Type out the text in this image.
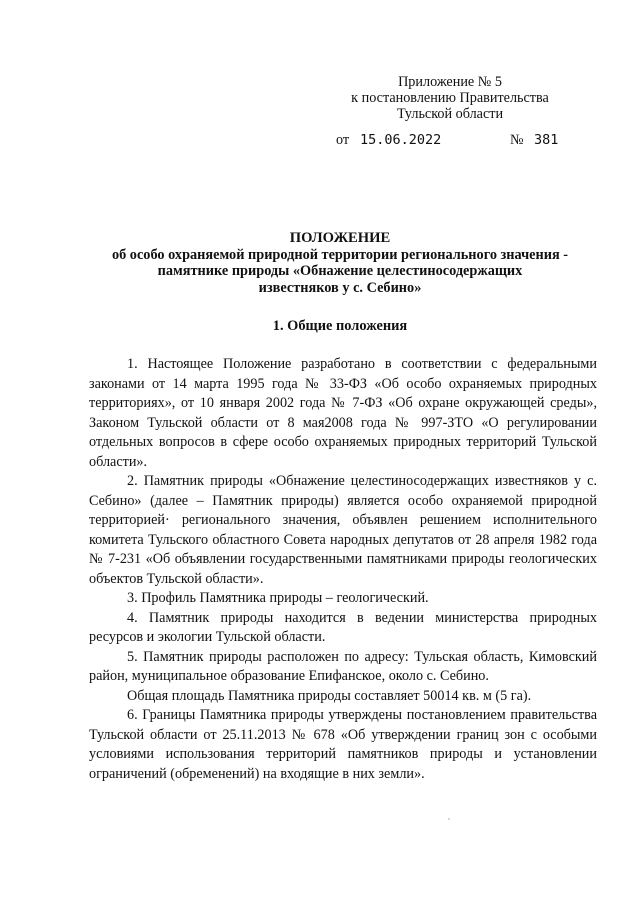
Приложение № 5
к постановлению Правительства
Тульской области
от 15.06.2022	№ 381
ПОЛОЖЕНИЕ
об особо охраняемой природной территории регионального значения -
памятнике природы «Обнажение целестиносодержащих
известняков у с. Себино»
1. Общие положения

1. Настоящее Положение разработано в соответствии с федеральными законами от 14 марта 1995 года № 33-ФЗ «Об особо охраняемых природных территориях», от 10 января 2002 года № 7-ФЗ «Об охране окружающей среды», Законом Тульской области от 8 мая2008 года № 997-ЗТО «О регулировании отдельных вопросов в сфере особо охраняемых природных территорий Тульской области».

2. Памятник природы «Обнажение целестиносодержащих известняков у с. Себино» (далее – Памятник природы) является особо охраняемой природной территорией· регионального значения, объявлен решением исполнительного комитета Тульского областного Совета народных депутатов от 28 апреля 1982 года № 7-231 «Об объявлении государственными памятниками природы геологических объектов Тульской области».

3. Профиль Памятника природы – геологический.

4. Памятник природы находится в ведении министерства природных ресурсов и экологии Тульской области.

5. Памятник природы расположен по адресу: Тульская область, Кимовский район, муниципальное образование Епифанское, около с. Себино.

Общая площадь Памятника природы составляет 50014 кв. м (5 га).

6. Границы Памятника природы утверждены постановлением правительства Тульской области от 25.11.2013 № 678 «Об утверждении границ зон с особыми условиями использования территорий памятников природы и установлении ограничений (обременений) на входящие в них земли».
